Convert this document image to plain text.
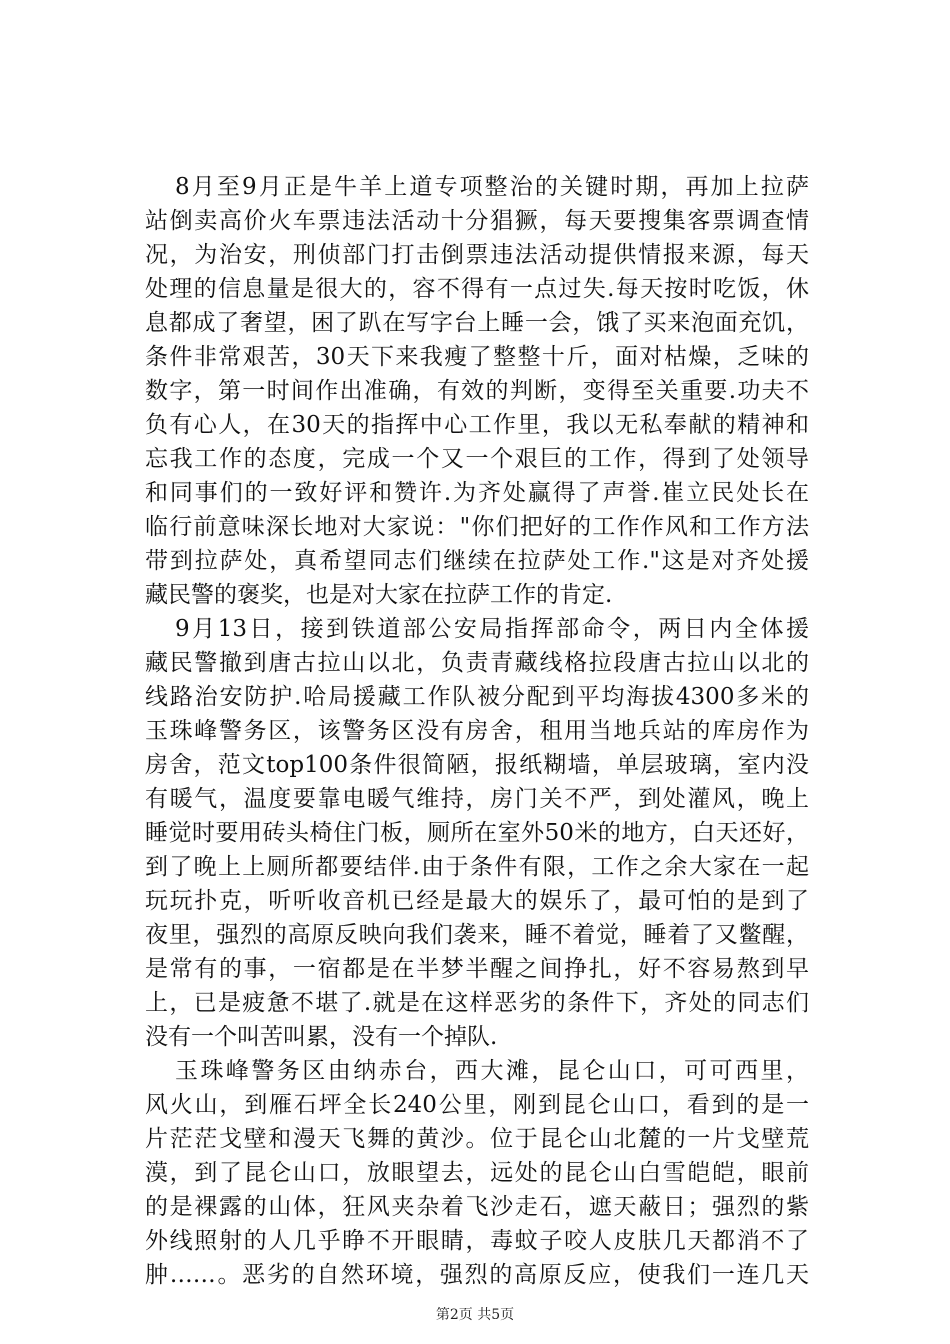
8月至9月正是牛羊上道专项整治的关键时期，再加上拉萨
站倒卖高价火车票违法活动十分猖獗，每天要搜集客票调查情
况，为治安，刑侦部门打击倒票违法活动提供情报来源，每天
处理的信息量是很大的，容不得有一点过失.每天按时吃饭，休
息都成了奢望，困了趴在写字台上睡一会，饿了买来泡面充饥，
条件非常艰苦，30天下来我瘦了整整十斤，面对枯燥，乏味的
数字，第一时间作出准确，有效的判断，变得至关重要.功夫不
负有心人，在30天的指挥中心工作里，我以无私奉献的精神和
忘我工作的态度，完成一个又一个艰巨的工作，得到了处领导
和同事们的一致好评和赞许.为齐处赢得了声誉.崔立民处长在
临行前意味深长地对大家说："你们把好的工作作风和工作方法
带到拉萨处，真希望同志们继续在拉萨处工作."这是对齐处援
藏民警的褒奖，也是对大家在拉萨工作的肯定.
9月13日，接到铁道部公安局指挥部命令，两日内全体援
藏民警撤到唐古拉山以北，负责青藏线格拉段唐古拉山以北的
线路治安防护.哈局援藏工作队被分配到平均海拔4300多米的
玉珠峰警务区，该警务区没有房舍，租用当地兵站的库房作为
房舍，范文top100条件很简陋，报纸糊墙，单层玻璃，室内没
有暖气，温度要靠电暖气维持，房门关不严，到处灌风，晚上
睡觉时要用砖头椅住门板，厕所在室外50米的地方，白天还好，
到了晚上上厕所都要结伴.由于条件有限，工作之余大家在一起
玩玩扑克，听听收音机已经是最大的娱乐了，最可怕的是到了
夜里，强烈的高原反映向我们袭来，睡不着觉，睡着了又鳖醒，
是常有的事，一宿都是在半梦半醒之间挣扎，好不容易熬到早
上，已是疲惫不堪了.就是在这样恶劣的条件下，齐处的同志们
没有一个叫苦叫累，没有一个掉队.
玉珠峰警务区由纳赤台，西大滩，昆仑山口，可可西里，
风火山，到雁石坪全长240公里，刚到昆仑山口，看到的是一
片茫茫戈壁和漫天飞舞的黄沙。位于昆仑山北麓的一片戈壁荒
漠，到了昆仑山口，放眼望去，远处的昆仑山白雪皑皑，眼前
的是裸露的山体，狂风夹杂着飞沙走石，遮天蔽日；强烈的紫
外线照射的人几乎睁不开眼睛，毒蚊子咬人皮肤几天都消不了
肿……。恶劣的自然环境，强烈的高原反应，使我们一连几天
第2页 共5页
